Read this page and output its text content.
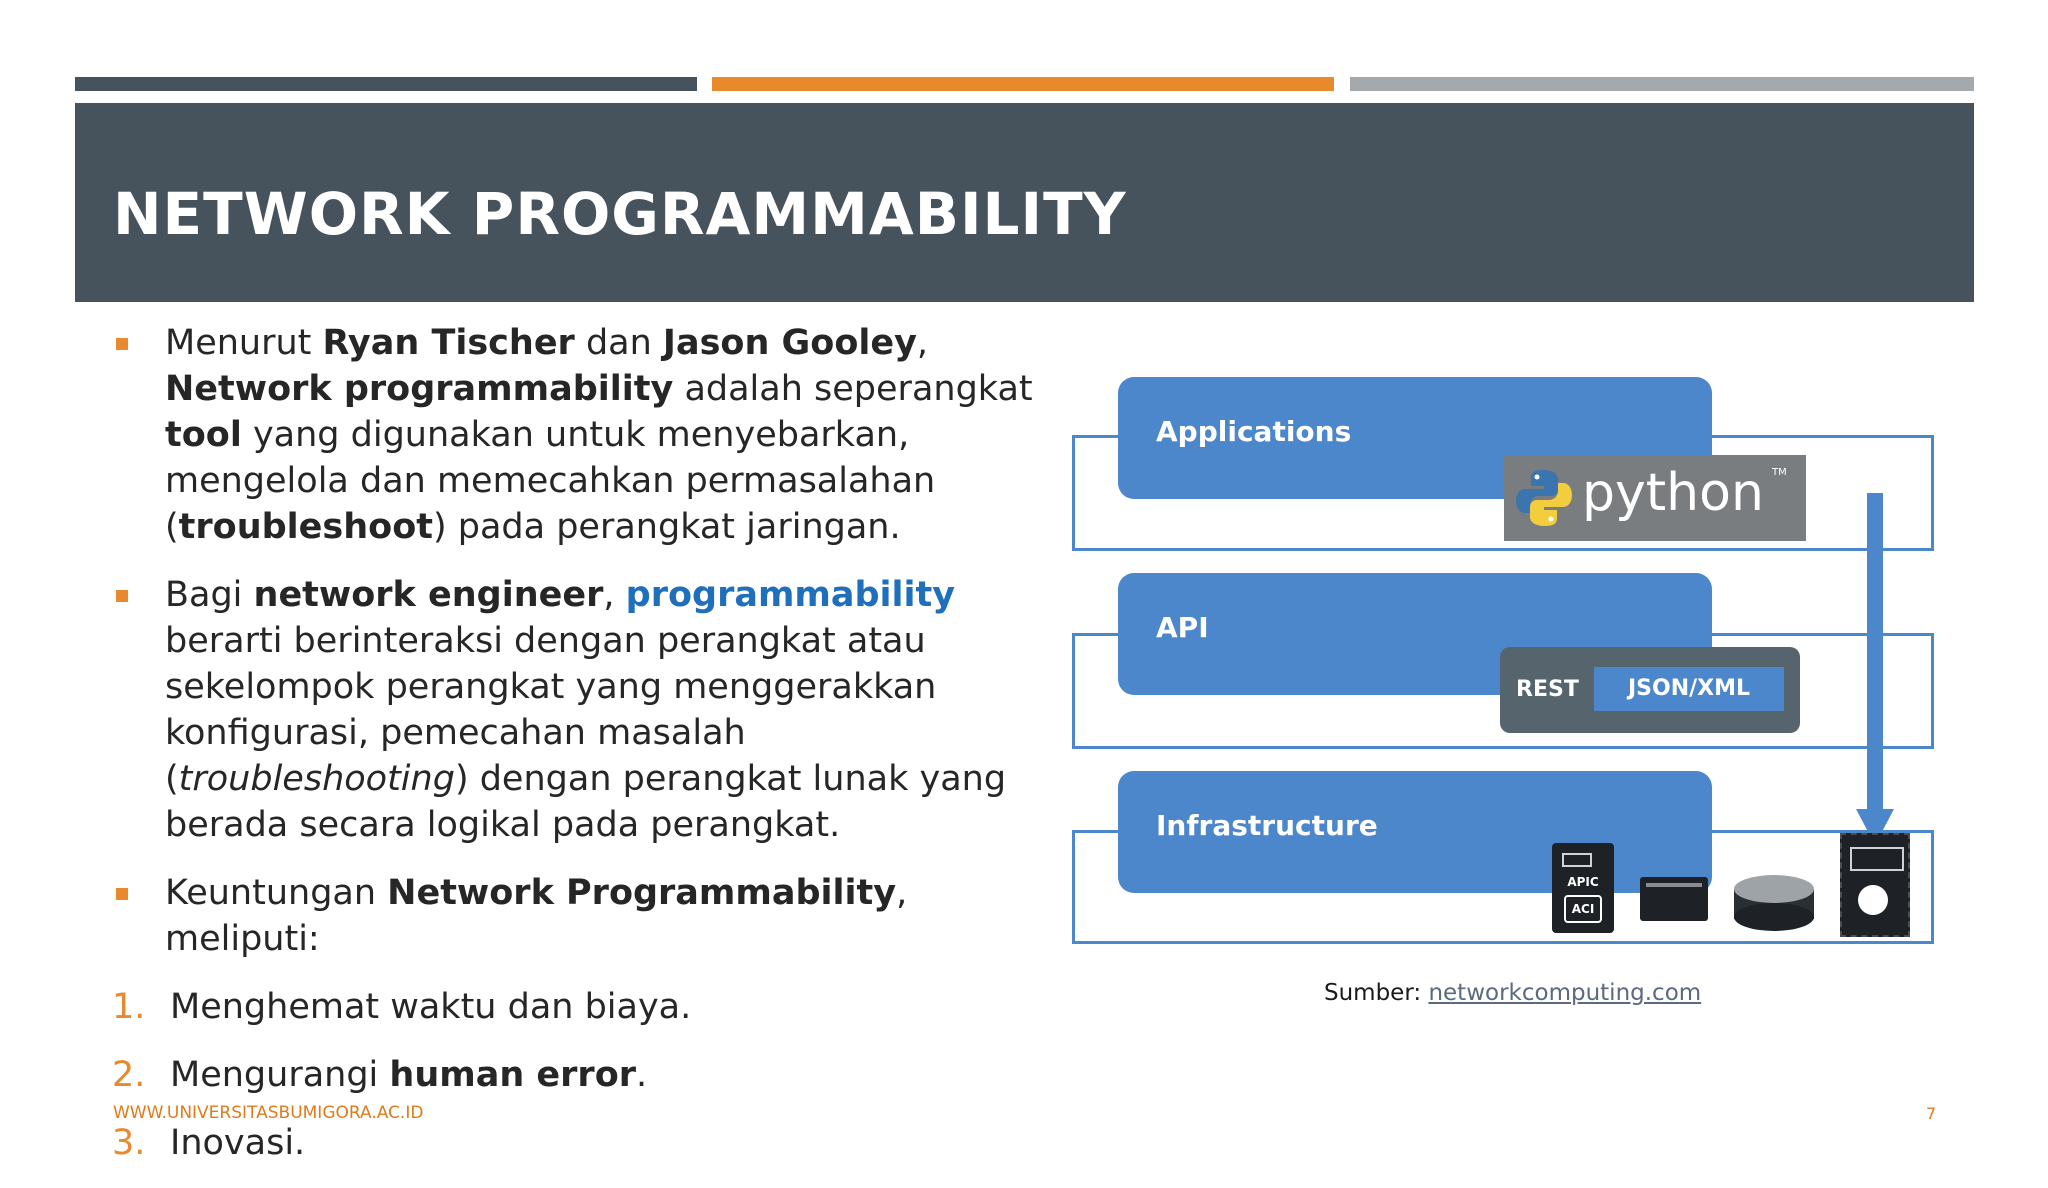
NETWORK PROGRAMMABILITY
Menurut Ryan Tischer dan Jason Gooley, Network programmability adalah seperangkat tool yang digunakan untuk menyebarkan, mengelola dan memecahkan permasalahan (troubleshoot) pada perangkat jaringan.
Bagi network engineer, programmability berarti berinteraksi dengan perangkat atau sekelompok perangkat yang menggerakkan konfigurasi, pemecahan masalah (troubleshooting) dengan perangkat lunak yang berada secara logikal pada perangkat.
Keuntungan Network Programmability, meliputi:
1. Menghemat waktu dan biaya.
2. Mengurangi human error.
3. Inovasi.
Applications
API
Infrastructure
python TM
REST	JSON/XML
APIC
ACI
Sumber: networkcomputing.com
WWW.UNIVERSITASBUMIGORA.AC.ID	7
